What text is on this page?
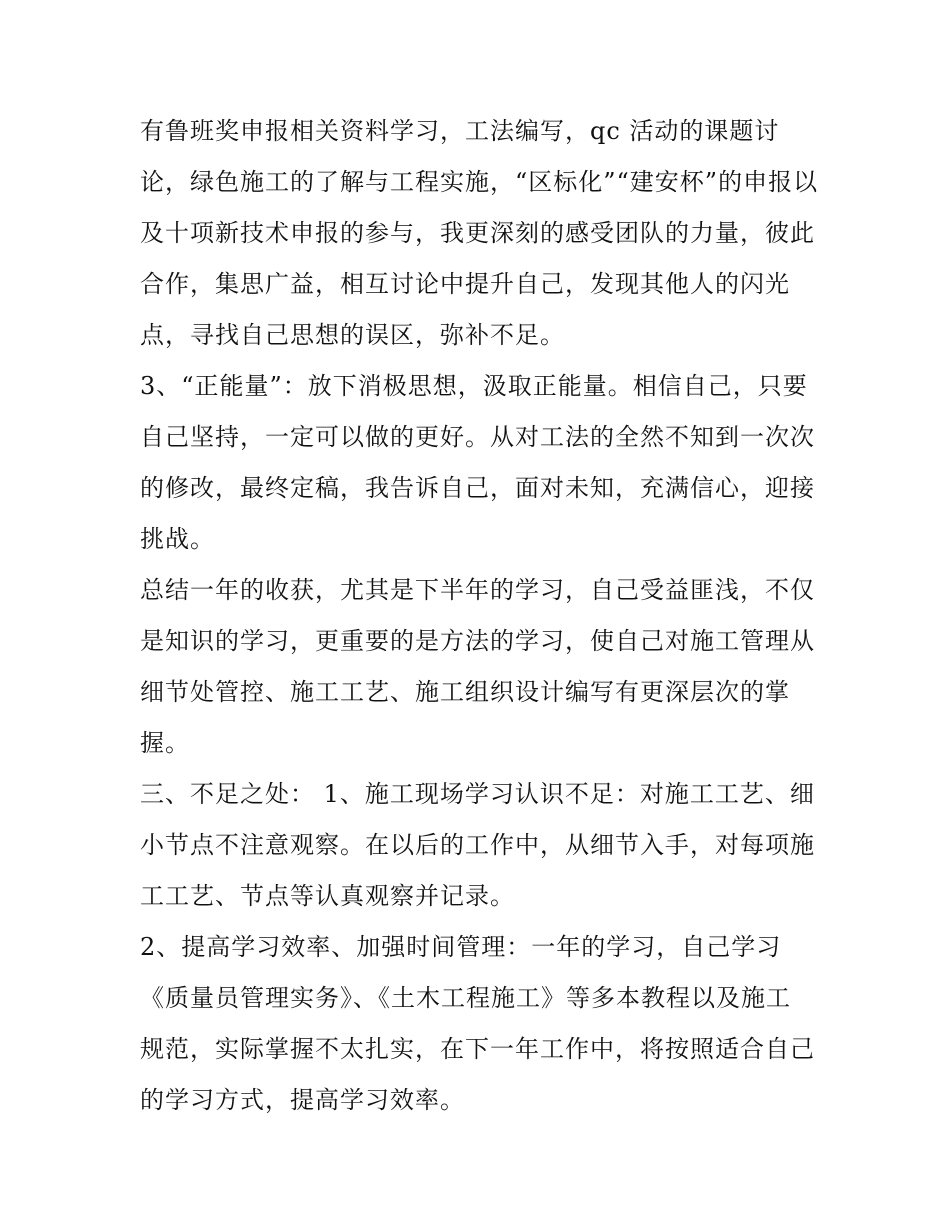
有鲁班奖申报相关资料学习，工法编写，qc 活动的课题讨
论，绿色施工的了解与工程实施，“区标化”“建安杯”的申报以
及十项新技术申报的参与，我更深刻的感受团队的力量，彼此
合作，集思广益，相互讨论中提升自己，发现其他人的闪光
点，寻找自己思想的误区，弥补不足。
3、“正能量”：放下消极思想，汲取正能量。相信自己，只要
自己坚持，一定可以做的更好。从对工法的全然不知到一次次
的修改，最终定稿，我告诉自己，面对未知，充满信心，迎接
挑战。
总结一年的收获，尤其是下半年的学习，自己受益匪浅，不仅
是知识的学习，更重要的是方法的学习，使自己对施工管理从
细节处管控、施工工艺、施工组织设计编写有更深层次的掌
握。
三、不足之处： 1、施工现场学习认识不足：对施工工艺、细
小节点不注意观察。在以后的工作中，从细节入手，对每项施
工工艺、节点等认真观察并记录。
2、提高学习效率、加强时间管理：一年的学习，自己学习
《质量员管理实务》、《土木工程施工》等多本教程以及施工
规范，实际掌握不太扎实，在下一年工作中，将按照适合自己
的学习方式，提高学习效率。
